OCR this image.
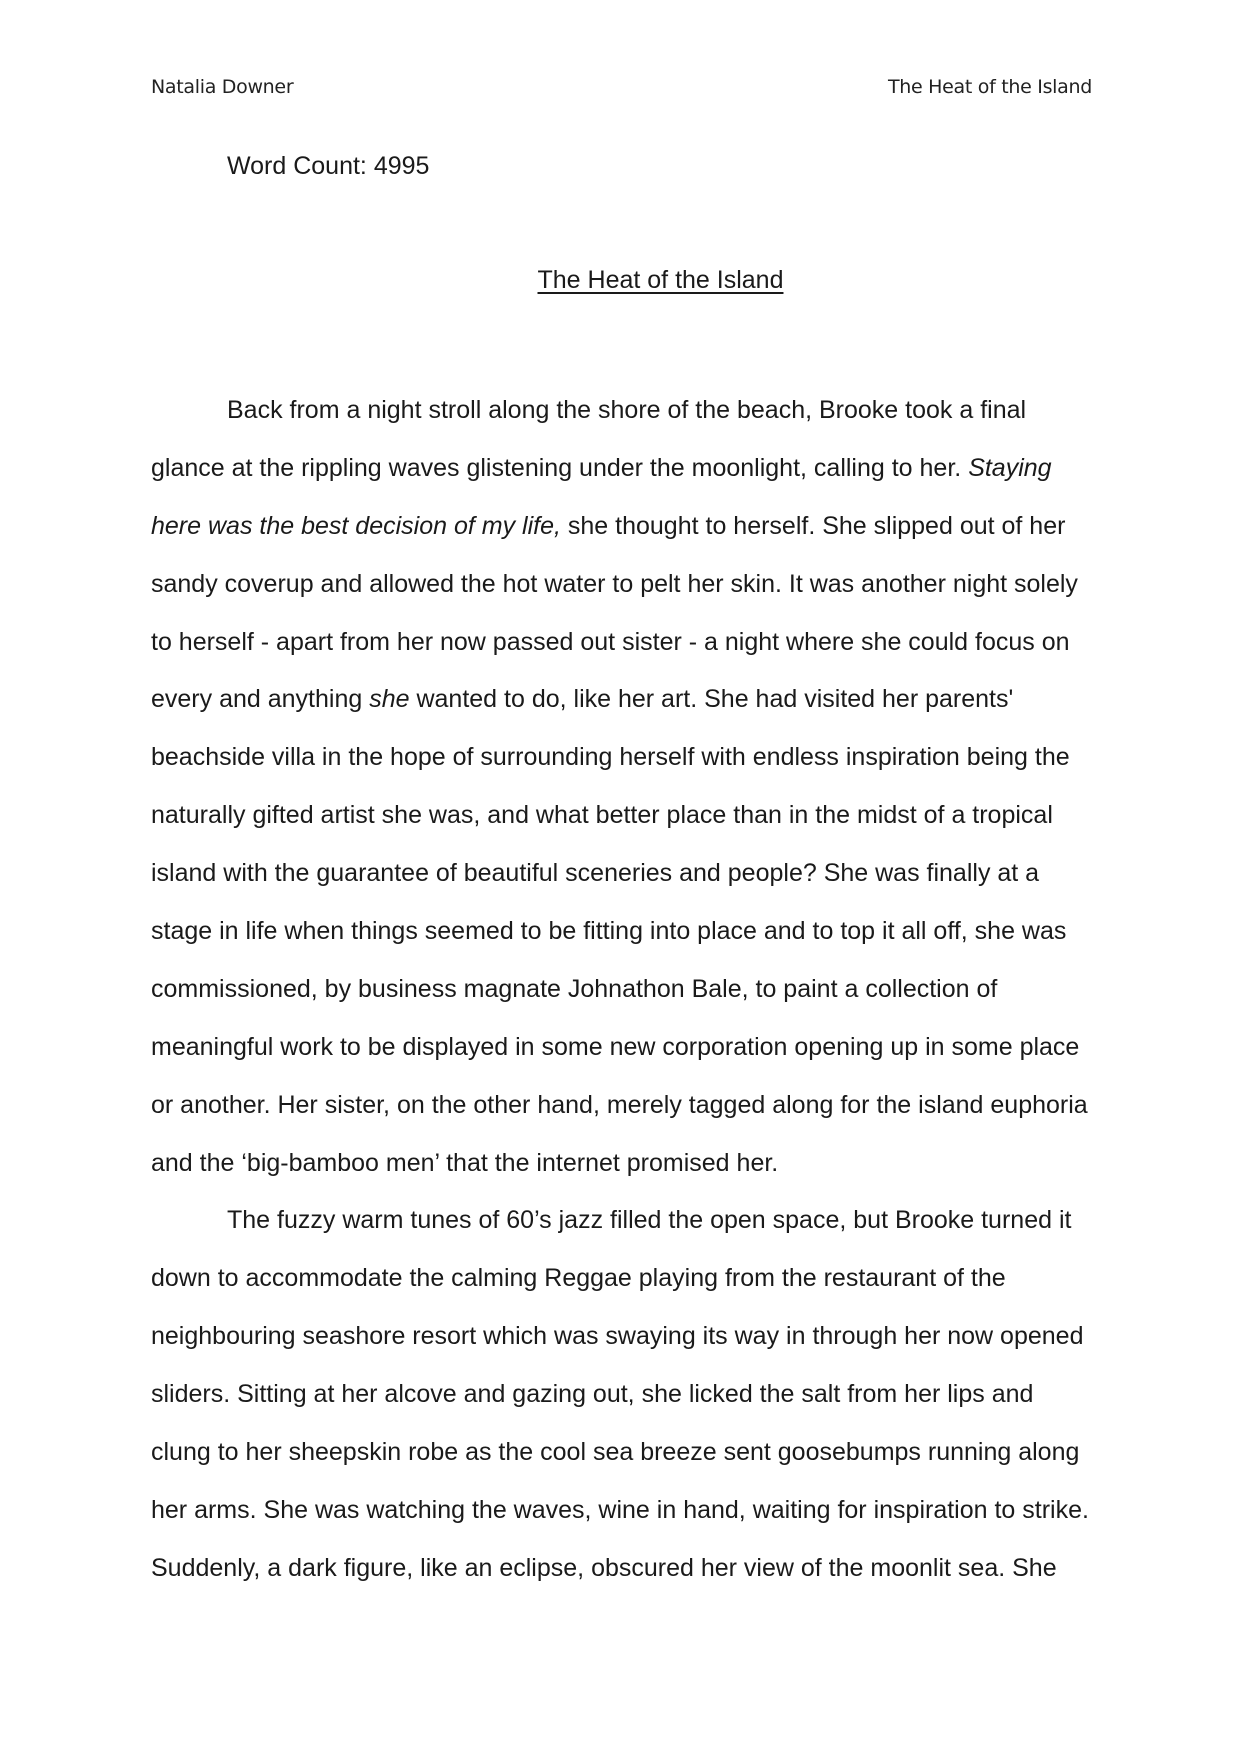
Natalia Downer	The Heat of the Island
Word Count: 4995
The Heat of the Island
Back from a night stroll along the shore of the beach, Brooke took a final
glance at the rippling waves glistening under the moonlight, calling to her. Staying
here was the best decision of my life, she thought to herself. She slipped out of her
sandy coverup and allowed the hot water to pelt her skin. It was another night solely
to herself - apart from her now passed out sister - a night where she could focus on
every and anything she wanted to do, like her art. She had visited her parents'
beachside villa in the hope of surrounding herself with endless inspiration being the
naturally gifted artist she was, and what better place than in the midst of a tropical
island with the guarantee of beautiful sceneries and people? She was finally at a
stage in life when things seemed to be fitting into place and to top it all off, she was
commissioned, by business magnate Johnathon Bale, to paint a collection of
meaningful work to be displayed in some new corporation opening up in some place
or another. Her sister, on the other hand, merely tagged along for the island euphoria
and the ‘big-bamboo men’ that the internet promised her.
The fuzzy warm tunes of 60’s jazz filled the open space, but Brooke turned it
down to accommodate the calming Reggae playing from the restaurant of the
neighbouring seashore resort which was swaying its way in through her now opened
sliders. Sitting at her alcove and gazing out, she licked the salt from her lips and
clung to her sheepskin robe as the cool sea breeze sent goosebumps running along
her arms. She was watching the waves, wine in hand, waiting for inspiration to strike.
Suddenly, a dark figure, like an eclipse, obscured her view of the moonlit sea. She
